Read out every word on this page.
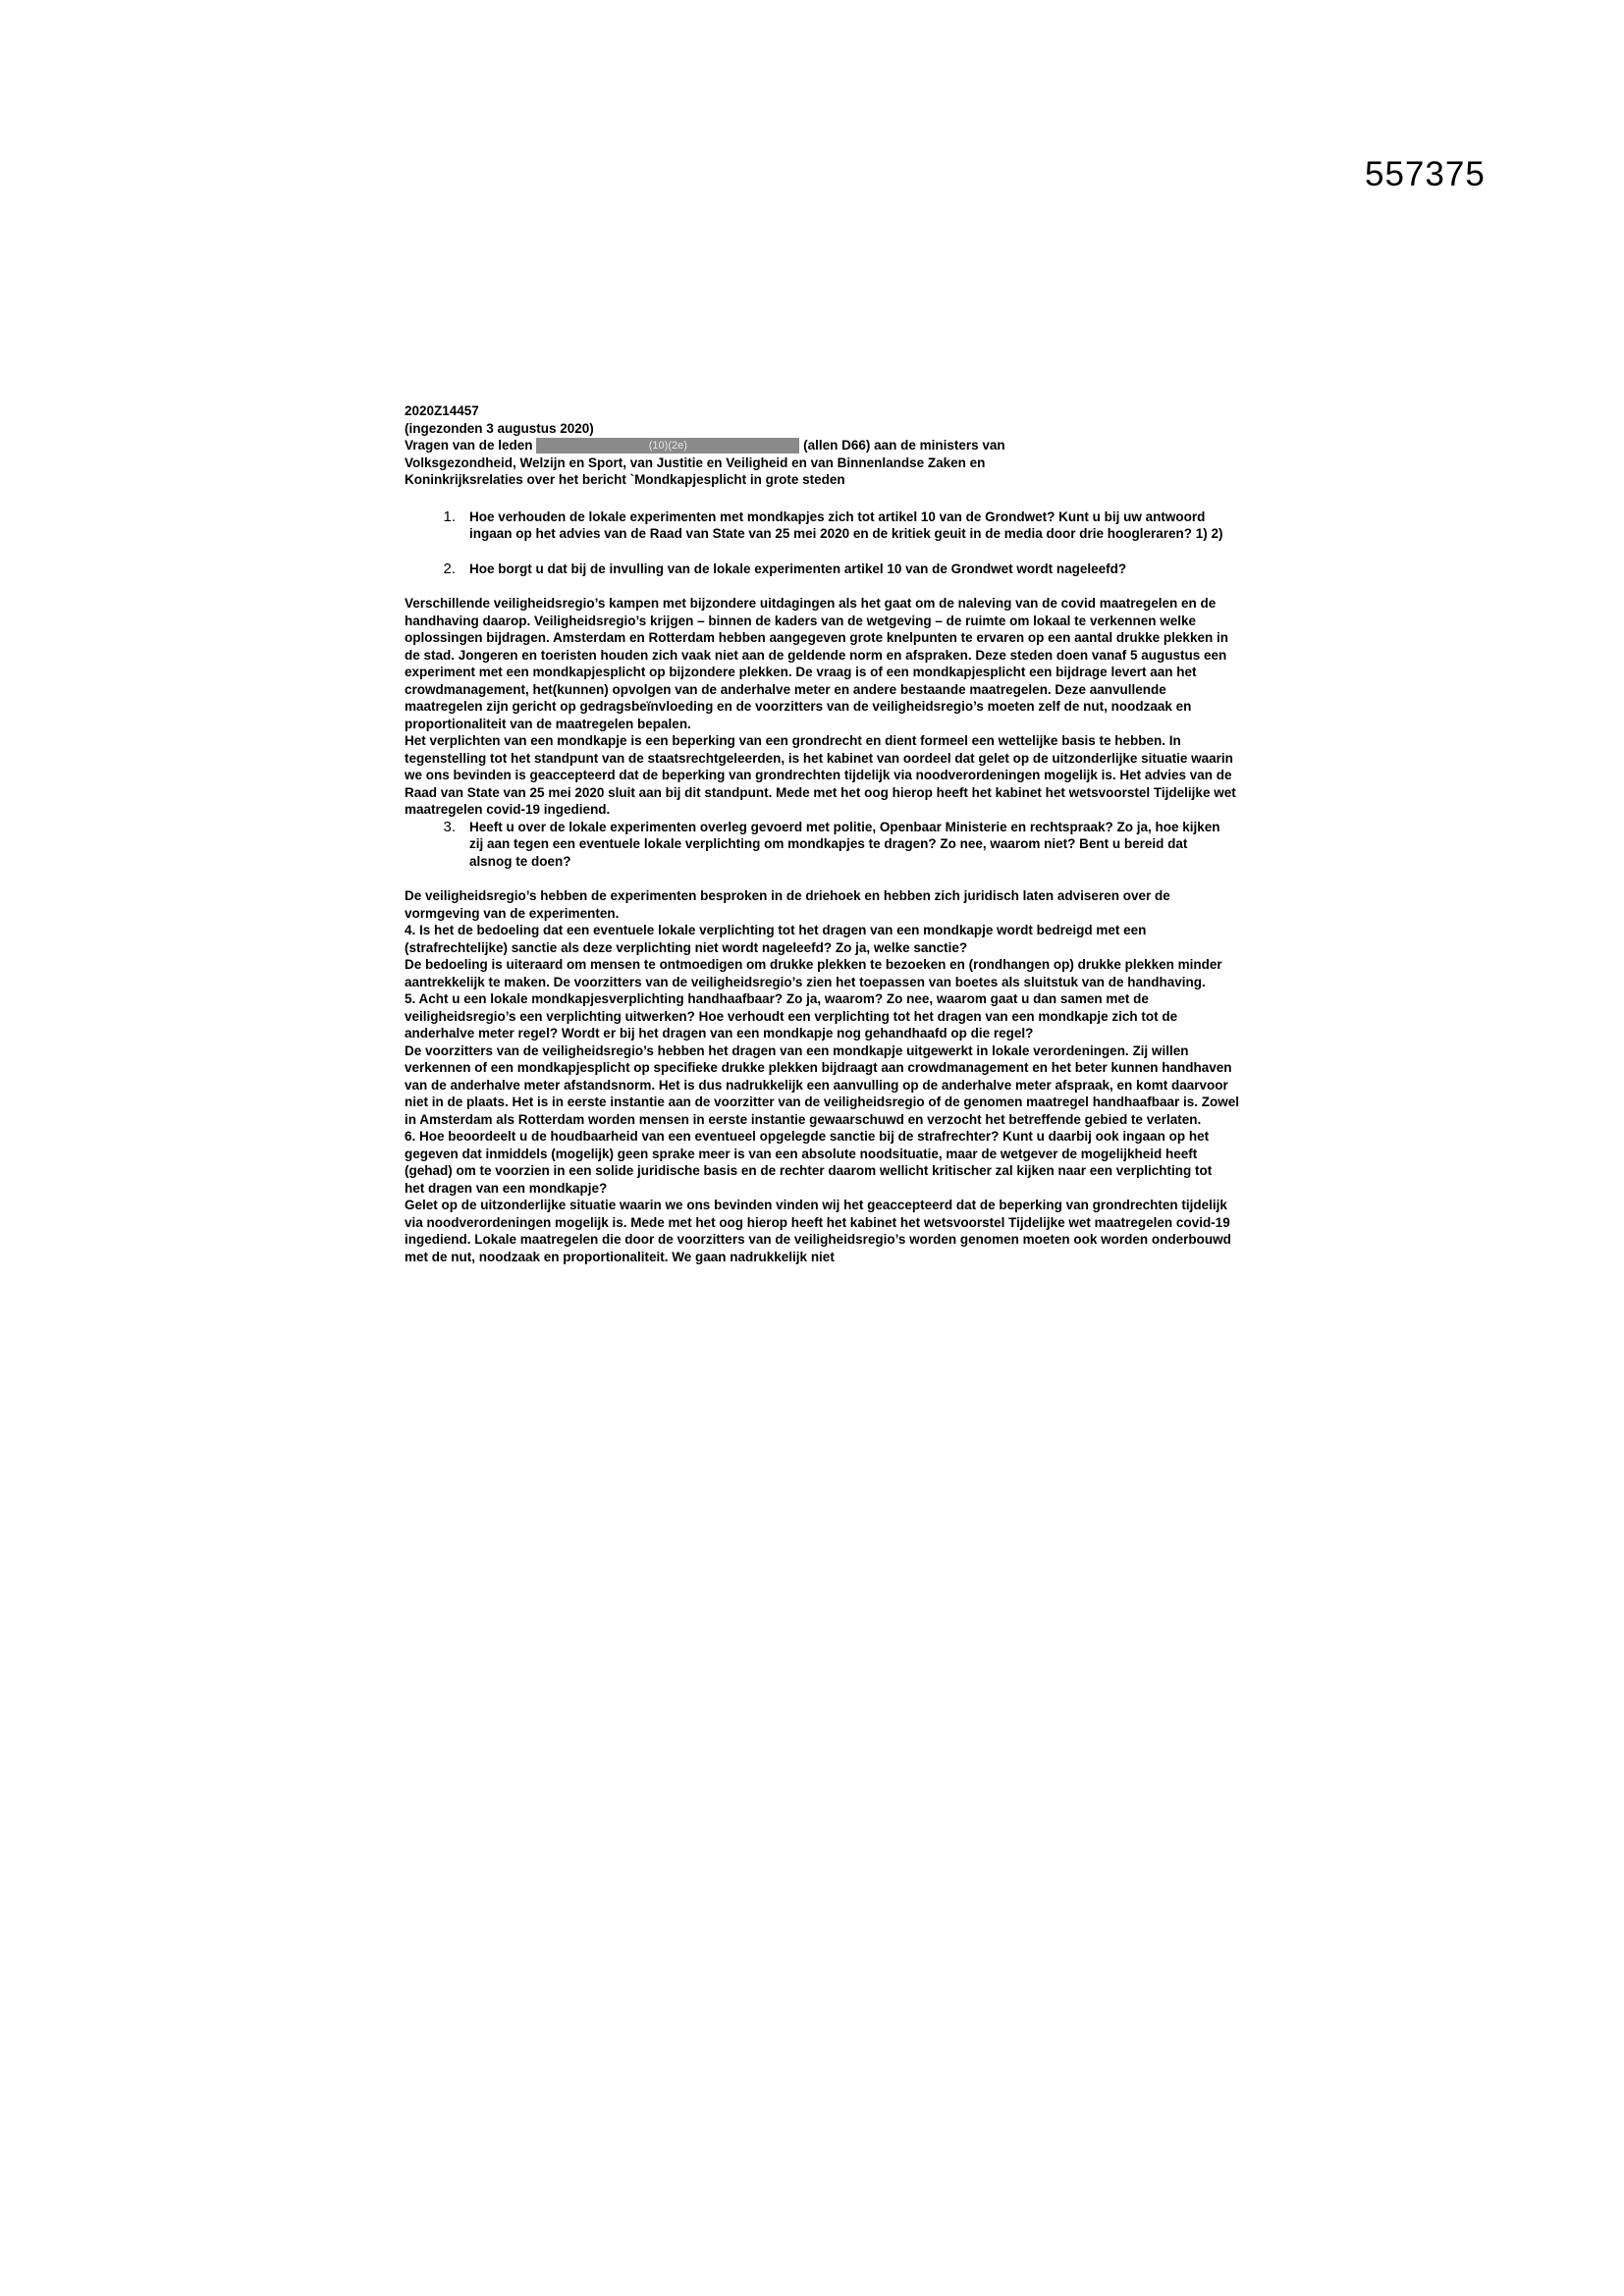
557375

2020Z14457

(ingezonden 3 augustus 2020)

Vragen van de leden	(10)(2e)	(allen D66) aan de ministers van

Volksgezondheid, Welzijn en Sport, van Justitie en Veiligheid en van Binnenlandse Zaken en

Koninkrijksrelaties over het bericht `Mondkapjesplicht in grote steden

1.	Hoe verhouden de lokale experimenten met mondkapjes zich tot artikel 10 van de Grondwet? Kunt u bij uw antwoord ingaan op het advies van de Raad van State van 25 mei 2020 en de kritiek geuit in de media door drie hoogleraren? 1) 2)
2.	Hoe borgt u dat bij de invulling van de lokale experimenten artikel 10 van de Grondwet wordt nageleefd?

Verschillende veiligheidsregio’s kampen met bijzondere uitdagingen als het gaat om de naleving van de covid maatregelen en de handhaving daarop. Veiligheidsregio’s krijgen – binnen de kaders van de wetgeving – de ruimte om lokaal te verkennen welke oplossingen bijdragen. Amsterdam en Rotterdam hebben aangegeven grote knelpunten te ervaren op een aantal drukke plekken in de stad. Jongeren en toeristen houden zich vaak niet aan de geldende norm en afspraken. Deze steden doen vanaf 5 augustus een experiment met een mondkapjesplicht op bijzondere plekken. De vraag is of een mondkapjesplicht een bijdrage levert aan het crowdmanagement, het(kunnen) opvolgen van de anderhalve meter en andere bestaande maatregelen. Deze aanvullende maatregelen zijn gericht op gedragsbeïnvloeding en de voorzitters van de veiligheidsregio’s moeten zelf de nut, noodzaak en proportionaliteit van de maatregelen bepalen.

Het verplichten van een mondkapje is een beperking van een grondrecht en dient formeel een wettelijke basis te hebben. In tegenstelling tot het standpunt van de staatsrechtgeleerden, is het kabinet van oordeel dat gelet op de uitzonderlijke situatie waarin we ons bevinden is geaccepteerd dat de beperking van grondrechten tijdelijk via noodverordeningen mogelijk is. Het advies van de Raad van State van 25 mei 2020 sluit aan bij dit standpunt. Mede met het oog hierop heeft het kabinet het wetsvoorstel Tijdelijke wet maatregelen covid-19 ingediend.

3.	Heeft u over de lokale experimenten overleg gevoerd met politie, Openbaar Ministerie en rechtspraak? Zo ja, hoe kijken zij aan tegen een eventuele lokale verplichting om mondkapjes te dragen? Zo nee, waarom niet? Bent u bereid dat alsnog te doen?

De veiligheidsregio’s hebben de experimenten besproken in de driehoek en hebben zich juridisch laten adviseren over de vormgeving van de experimenten.

4. Is het de bedoeling dat een eventuele lokale verplichting tot het dragen van een mondkapje wordt bedreigd met een (strafrechtelijke) sanctie als deze verplichting niet wordt nageleefd? Zo ja, welke sanctie?

De bedoeling is uiteraard om mensen te ontmoedigen om drukke plekken te bezoeken en (rondhangen op) drukke plekken minder aantrekkelijk te maken. De voorzitters van de veiligheidsregio’s zien het toepassen van boetes als sluitstuk van de handhaving.

5. Acht u een lokale mondkapjesverplichting handhaafbaar? Zo ja, waarom? Zo nee, waarom gaat u dan samen met de veiligheidsregio’s een verplichting uitwerken? Hoe verhoudt een verplichting tot het dragen van een mondkapje zich tot de anderhalve meter regel? Wordt er bij het dragen van een mondkapje nog gehandhaafd op die regel?

De voorzitters van de veiligheidsregio’s hebben het dragen van een mondkapje uitgewerkt in lokale verordeningen. Zij willen verkennen of een mondkapjesplicht op specifieke drukke plekken bijdraagt aan crowdmanagement en het beter kunnen handhaven van de anderhalve meter afstandsnorm. Het is dus nadrukkelijk een aanvulling op de anderhalve meter afspraak, en komt daarvoor niet in de plaats. Het is in eerste instantie aan de voorzitter van de veiligheidsregio of de genomen maatregel handhaafbaar is. Zowel in Amsterdam als Rotterdam worden mensen in eerste instantie gewaarschuwd en verzocht het betreffende gebied te verlaten.

6. Hoe beoordeelt u de houdbaarheid van een eventueel opgelegde sanctie bij de strafrechter? Kunt u daarbij ook ingaan op het gegeven dat inmiddels (mogelijk) geen sprake meer is van een absolute noodsituatie, maar de wetgever de mogelijkheid heeft (gehad) om te voorzien in een solide juridische basis en de rechter daarom wellicht kritischer zal kijken naar een verplichting tot het dragen van een mondkapje?

Gelet op de uitzonderlijke situatie waarin we ons bevinden vinden wij het geaccepteerd dat de beperking van grondrechten tijdelijk via noodverordeningen mogelijk is. Mede met het oog hierop heeft het kabinet het wetsvoorstel Tijdelijke wet maatregelen covid-19 ingediend. Lokale maatregelen die door de voorzitters van de veiligheidsregio’s worden genomen moeten ook worden onderbouwd met de nut, noodzaak en proportionaliteit. We gaan nadrukkelijk niet
